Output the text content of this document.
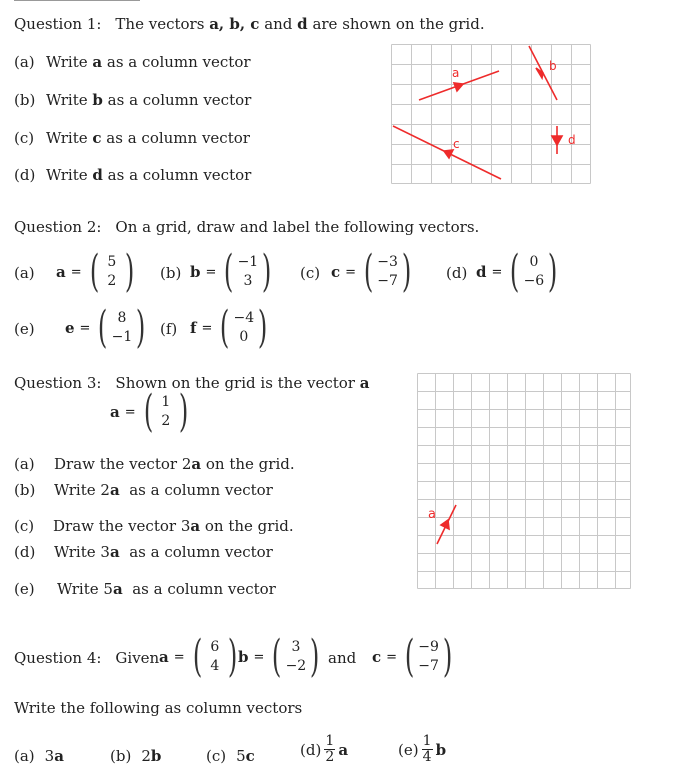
Question 1: The vectors a, b, c and d are shown on the grid.
(a) Write a as a column vector
(b) Write b as a column vector
(c) Write c as a column vector
(d) Write d as a column vector
a	b
c	d
Question 2: On a grid, draw and label the following vectors.
(a) a = ( 5
2 ) (b) b = ( −1
3 ) (c) c = ( −3
−7 ) (d) d = ( 0
−6 )
(e) e = ( 8
−1 ) (f) f = ( −4
0 )
Question 3: Shown on the grid is the vector a
a = ( 1
2 )
(a) Draw the vector 2a on the grid.
(b) Write 2a  as a column vector
(c) Draw the vector 3a on the grid.
(d) Write 3a  as a column vector
(e) Write 5a  as a column vector
a
Question 4: Given a = ( 6
4 ) b = ( 3
−2 ) and c = ( −9
−7 )
Write the following as column vectors
(a) 3a	(b) 2b	(c) 5c	$(d) \frac{1}{2}$ a	$(e) \frac{1}{4}$ b
